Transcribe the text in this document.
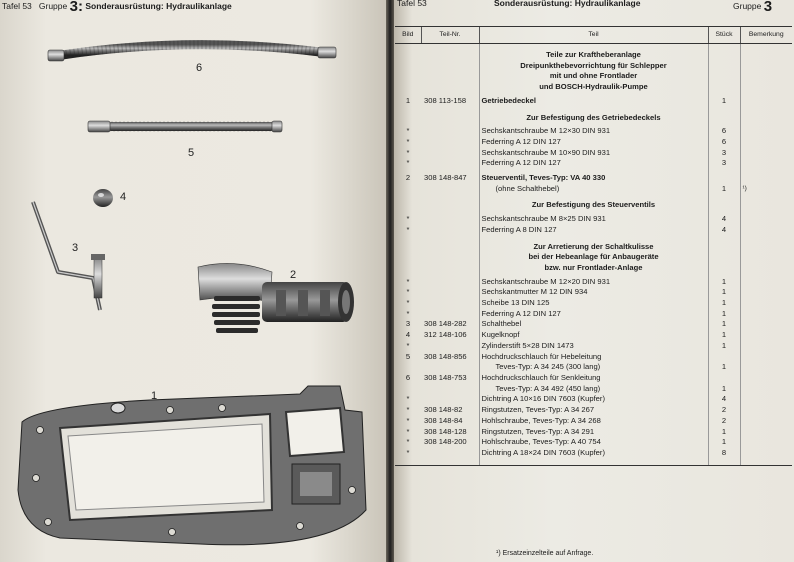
Tafel 53 Gruppe 3: Sonderausrüstung: Hydraulikanlage	Tafel 53	Sonderausrüstung: Hydraulikanlage	Gruppe 3
6
5
4
3
2
1
Bild	Teil-Nr.	Teil	Stück	Bemerkung
		Teile zur Kraftheberanlage		
		Dreipunkthebevorrichtung für Schlepper		
		mit und ohne Frontlader		
		und BOSCH-Hydraulik-Pumpe		
1	308 113-158	Getriebedeckel	1	
		Zur Befestigung des Getriebedeckels		
*		Sechskantschraube M 12×30 DIN 931	6	
*		Federring A 12 DIN 127	6	
*		Sechskantschraube M 10×90 DIN 931	3	
*		Federring A 12 DIN 127	3	

2	308 148-847	Steuerventil, Teves-Typ: VA 40 330		
		(ohne Schalthebel)	1	¹)
		Zur Befestigung des Steuerventils		
*		Sechskantschraube M 8×25 DIN 931	4	
*		Federring A 8 DIN 127	4	
		Zur Arretierung der Schaltkulisse		
		bei der Hebeanlage für Anbaugeräte		
		bzw. nur Frontlader-Anlage		
*		Sechskantschraube M 12×20 DIN 931	1	
*		Sechskantmutter M 12 DIN 934	1	
*		Scheibe 13 DIN 125	1	
*		Federring A 12 DIN 127	1	
3	308 148-282	Schalthebel	1	
4	312 148-106	Kugelknopf	1	
*		Zylinderstift 5×28 DIN 1473	1	
5	308 148-856	Hochdruckschlauch für Hebeleitung		
		Teves-Typ: A 34 245 (300 lang)	1	
6	308 148-753	Hochdruckschlauch für Senkleitung		
		Teves-Typ: A 34 492 (450 lang)	1	
*		Dichtring A 10×16 DIN 7603 (Kupfer)	4	
*	308 148-82	Ringstutzen, Teves-Typ: A 34 267	2	
*	308 148-84	Hohlschraube, Teves-Typ: A 34 268	2	
*	308 148-128	Ringstutzen, Teves-Typ: A 34 291	1	
*	308 148-200	Hohlschraube, Teves-Typ: A 40 754	1	
*		Dichtring A 18×24 DIN 7603 (Kupfer)	8	

¹) Ersatzeinzelteile auf Anfrage.
